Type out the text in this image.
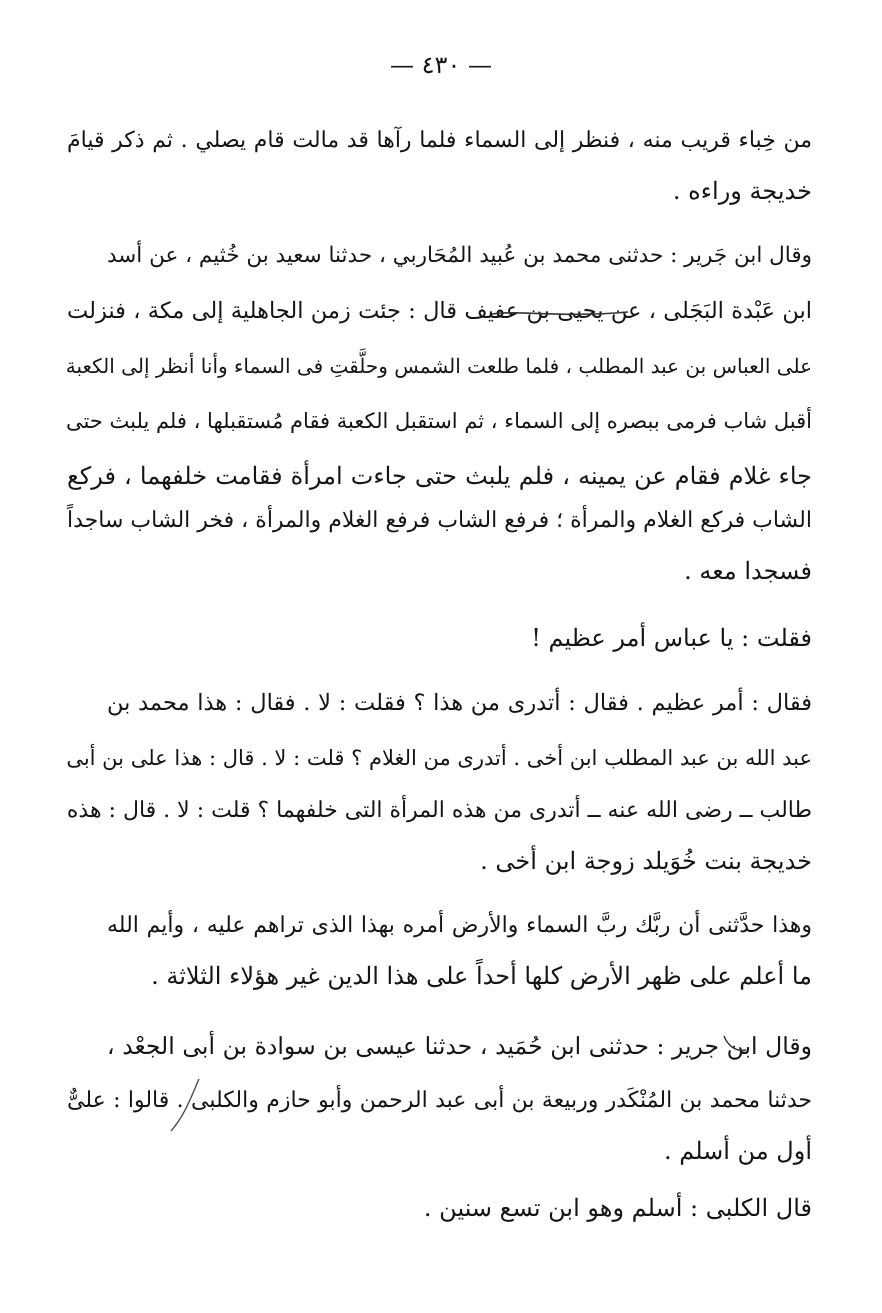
— ٤٣٠ —
من خِباء قريب منه ، فنظر إلى السماء فلما رآها قد مالت قام يصلي . ثم ذكر قيامَ
خديجة وراءه .
وقال ابن جَرير : حدثنى محمد بن عُبيد المُحَاربي ، حدثنا سعيد بن خُثيم ، عن أسد
ابن عَبْدة البَجَلى ، عن يحيى بن عفيف قال : جئت زمن الجاهلية إلى مكة ، فنزلت
على العباس بن عبد المطلب ، فلما طلعت الشمس وحلَّقتِ فى السماء وأنا أنظر إلى الكعبة
أقبل شاب فرمى ببصره إلى السماء ، ثم استقبل الكعبة فقام مُستقبلها ، فلم يلبث حتى
جاء غلام فقام عن يمينه ، فلم يلبث حتى جاءت امرأة فقامت خلفهما ، فركع
الشاب فركع الغلام والمرأة ؛ فرفع الشاب فرفع الغلام والمرأة ، فخر الشاب ساجداً
فسجدا معه .
فقلت : يا عباس أمر عظيم !
فقال : أمر عظيم . فقال : أتدرى من هذا ؟ فقلت : لا . فقال : هذا محمد بن
عبد الله بن عبد المطلب ابن أخى . أتدرى من الغلام ؟ قلت : لا . قال : هذا على بن أبى
طالب ــ رضى الله عنه ــ أتدرى من هذه المرأة التى خلفهما ؟ قلت : لا . قال : هذه
خديجة بنت خُوَيلد زوجة ابن أخى .
وهذا حدَّثنى أن ربَّك ربَّ السماء والأرض أمره بهذا الذى تراهم عليه ، وأيم الله
ما أعلم على ظهر الأرض كلها أحداً على هذا الدين غير هؤلاء الثلاثة .
وقال ابن جرير : حدثنى ابن حُمَيد ، حدثنا عيسى بن سوادة بن أبى الجعْد ،
حدثنا محمد بن المُنْكَدر وربيعة بن أبى عبد الرحمن وأبو حازم والكلبى . قالوا : علىٌّ
أول من أسلم .
قال الكلبى : أسلم وهو ابن تسع سنين .
